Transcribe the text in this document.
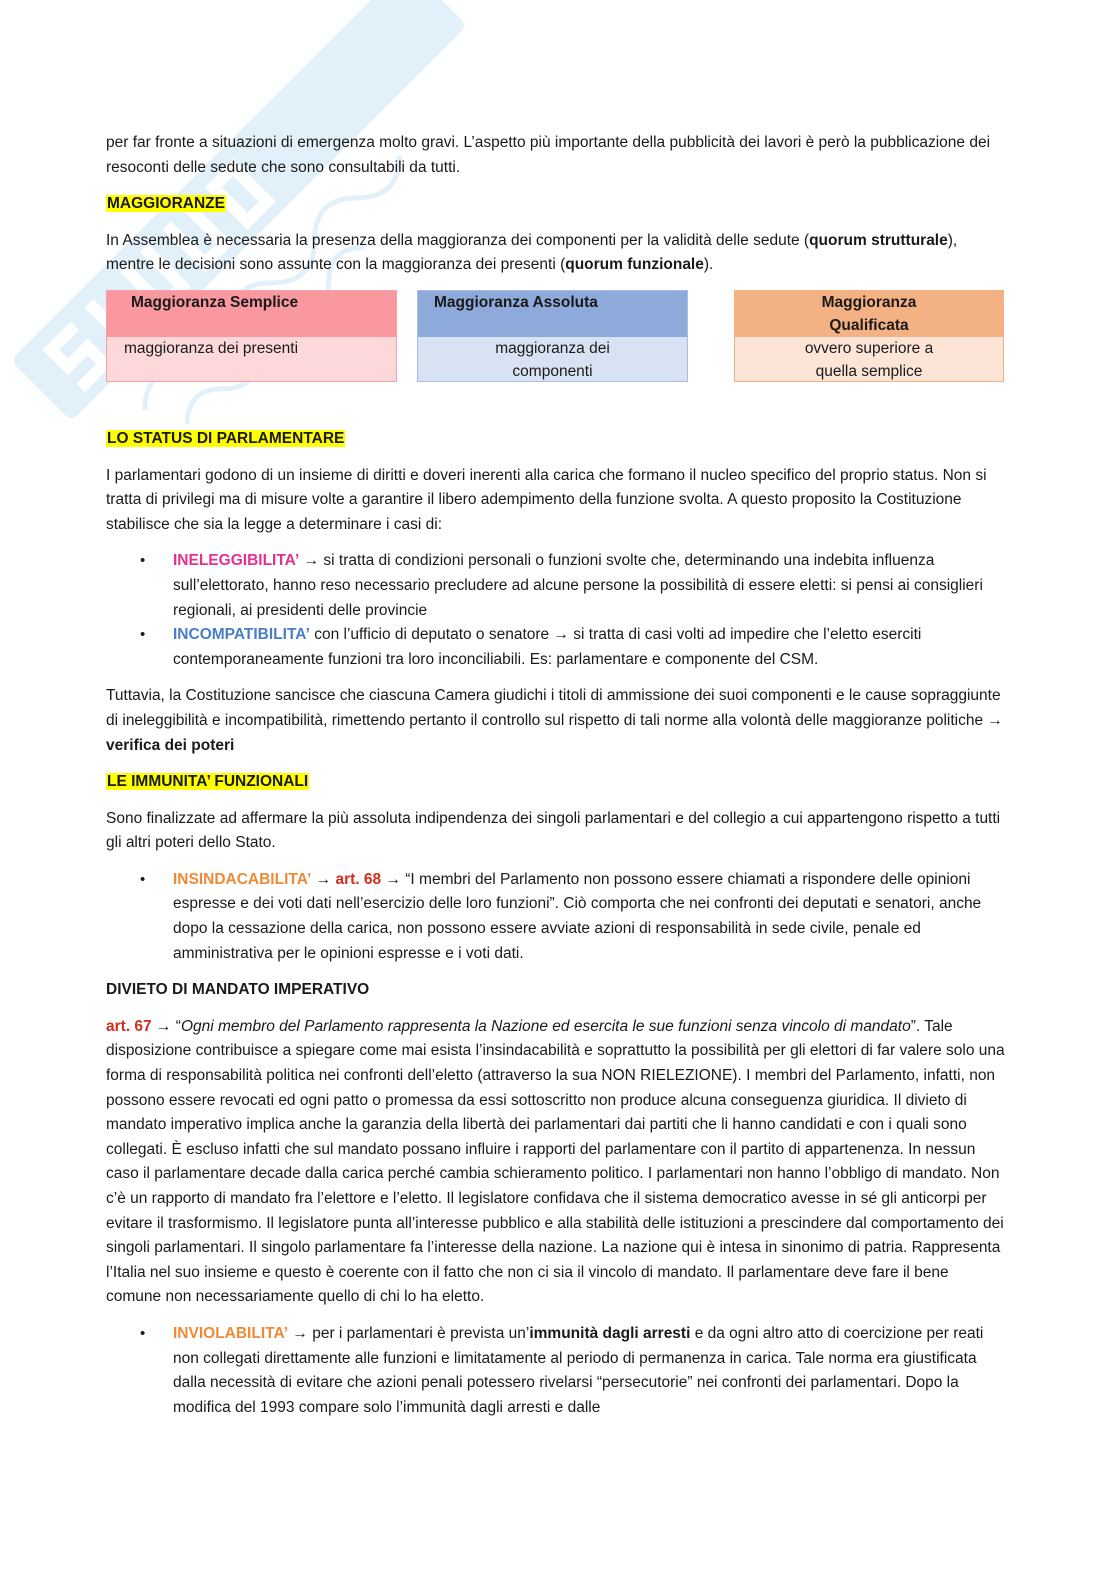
per far fronte a situazioni di emergenza molto gravi. L’aspetto più importante della pubblicità dei lavori è però la pubblicazione dei resoconti delle sedute che sono consultabili da tutti.

MAGGIORANZE

In Assemblea è necessaria la presenza della maggioranza dei componenti per la validità delle sedute (quorum strutturale), mentre le decisioni sono assunte con la maggioranza dei presenti (quorum funzionale).

Maggioranza Semplice
maggioranza dei presenti
Maggioranza Assoluta
maggioranza dei
componenti
Maggioranza
Qualificata
ovvero superiore a
quella semplice

LO STATUS DI PARLAMENTARE

I parlamentari godono di un insieme di diritti e doveri inerenti alla carica che formano il nucleo specifico del proprio status. Non si tratta di privilegi ma di misure volte a garantire il libero adempimento della funzione svolta. A questo proposito la Costituzione stabilisce che sia la legge a determinare i casi di:

• INELEGGIBILITA’ → si tratta di condizioni personali o funzioni svolte che, determinando una indebita influenza sull’elettorato, hanno reso necessario precludere ad alcune persone la possibilità di essere eletti: si pensi ai consiglieri regionali, ai presidenti delle provincie
• INCOMPATIBILITA’ con l’ufficio di deputato o senatore → si tratta di casi volti ad impedire che l’eletto eserciti contemporaneamente funzioni tra loro inconciliabili. Es: parlamentare e componente del CSM.

Tuttavia, la Costituzione sancisce che ciascuna Camera giudichi i titoli di ammissione dei suoi componenti e le cause sopraggiunte di ineleggibilità e incompatibilità, rimettendo pertanto il controllo sul rispetto di tali norme alla volontà delle maggioranze politiche → verifica dei poteri

LE IMMUNITA’ FUNZIONALI

Sono finalizzate ad affermare la più assoluta indipendenza dei singoli parlamentari e del collegio a cui appartengono rispetto a tutti gli altri poteri dello Stato.

• INSINDACABILITA’ → art. 68 → “I membri del Parlamento non possono essere chiamati a rispondere delle opinioni espresse e dei voti dati nell’esercizio delle loro funzioni”. Ciò comporta che nei confronti dei deputati e senatori, anche dopo la cessazione della carica, non possono essere avviate azioni di responsabilità in sede civile, penale ed amministrativa per le opinioni espresse e i voti dati.

DIVIETO DI MANDATO IMPERATIVO

art. 67 → “Ogni membro del Parlamento rappresenta la Nazione ed esercita le sue funzioni senza vincolo di mandato”. Tale disposizione contribuisce a spiegare come mai esista l’insindacabilità e soprattutto la possibilità per gli elettori di far valere solo una forma di responsabilità politica nei confronti dell’eletto (attraverso la sua NON RIELEZIONE). I membri del Parlamento, infatti, non possono essere revocati ed ogni patto o promessa da essi sottoscritto non produce alcuna conseguenza giuridica. Il divieto di mandato imperativo implica anche la garanzia della libertà dei parlamentari dai partiti che li hanno candidati e con i quali sono collegati. È escluso infatti che sul mandato possano influire i rapporti del parlamentare con il partito di appartenenza. In nessun caso il parlamentare decade dalla carica perché cambia schieramento politico. I parlamentari non hanno l’obbligo di mandato. Non c’è un rapporto di mandato fra l’elettore e l’eletto. Il legislatore confidava che il sistema democratico avesse in sé gli anticorpi per evitare il trasformismo. Il legislatore punta all’interesse pubblico e alla stabilità delle istituzioni a prescindere dal comportamento dei singoli parlamentari. Il singolo parlamentare fa l’interesse della nazione. La nazione qui è intesa in sinonimo di patria. Rappresenta l’Italia nel suo insieme e questo è coerente con il fatto che non ci sia il vincolo di mandato. Il parlamentare deve fare il bene comune non necessariamente quello di chi lo ha eletto.

• INVIOLABILITA’ → per i parlamentari è prevista un’immunità dagli arresti e da ogni altro atto di coercizione per reati non collegati direttamente alle funzioni e limitatamente al periodo di permanenza in carica. Tale norma era giustificata dalla necessità di evitare che azioni penali potessero rivelarsi “persecutorie” nei confronti dei parlamentari. Dopo la modifica del 1993 compare solo l’immunità dagli arresti e dalle
